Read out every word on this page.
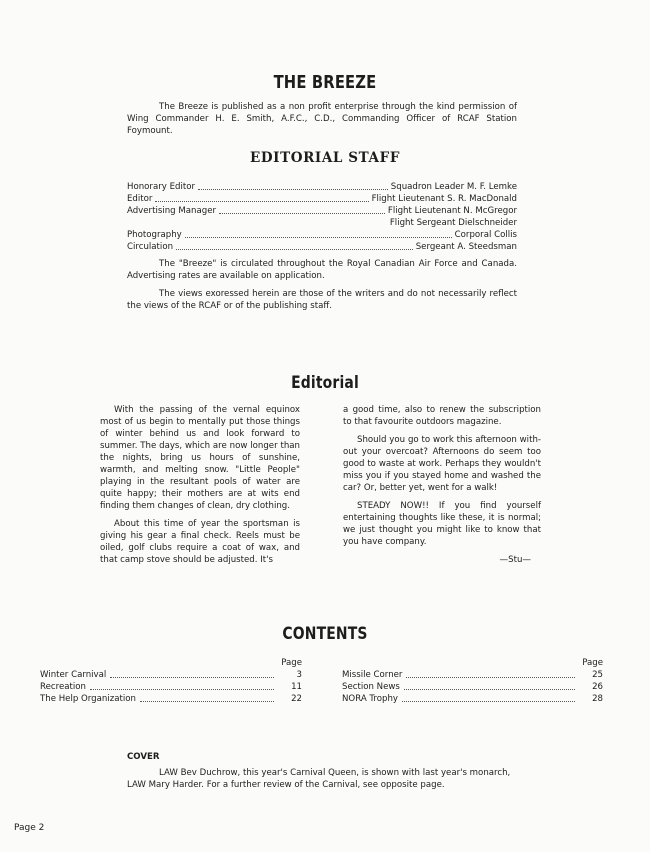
THE BREEZE
The Breeze is published as a non profit enterprise through the kind permission of Wing Commander H. E. Smith, A.F.C., C.D., Commanding Officer of RCAF Station Foymount.
EDITORIAL STAFF
Honorary Editor	Squadron Leader M. F. Lemke
Editor	Flight Lieutenant S. R. MacDonald
Advertising Manager	Flight Lieutenant N. McGregor
Flight Sergeant Dielschneider
Photography	Corporal Collis
Circulation	Sergeant A. Steedsman
The "Breeze" is circulated throughout the Royal Canadian Air Force and Canada. Advertising rates are available on application.
The views exoressed herein are those of the writers and do not necessarily reflect the views of the RCAF or of the publishing staff.
Editorial

With the passing of the vernal equinox most of us begin to mentally put those things of winter behind us and look forward to summer. The days, which are now longer than the nights, bring us hours of sunshine, warmth, and melting snow. "Little People" playing in the resultant pools of water are quite happy; their mothers are at wits end finding them changes of clean, dry clothing.

About this time of year the sportsman is giving his gear a final check. Reels must be oiled, golf clubs require a coat of wax, and that camp stove should be adjusted. It's

a good time, also to renew the subscription to that favourite outdoors magazine.

Should you go to work this afternoon with-out your overcoat? Afternoons do seem too good to waste at work. Perhaps they wouldn't miss you if you stayed home and washed the car? Or, better yet, went for a walk!

STEADY NOW!! If you find yourself entertaining thoughts like these, it is normal; we just thought you might like to know that you have company.

—Stu—
CONTENTS
Page
Winter Carnival	3
Recreation	11
The Help Organization	22
Page
Missile Corner	25
Section News	26
NORA Trophy	28
COVER
LAW Bev Duchrow, this year's Carnival Queen, is shown with last year's monarch, LAW Mary Harder. For a further review of the Carnival, see opposite page.
Page 2
